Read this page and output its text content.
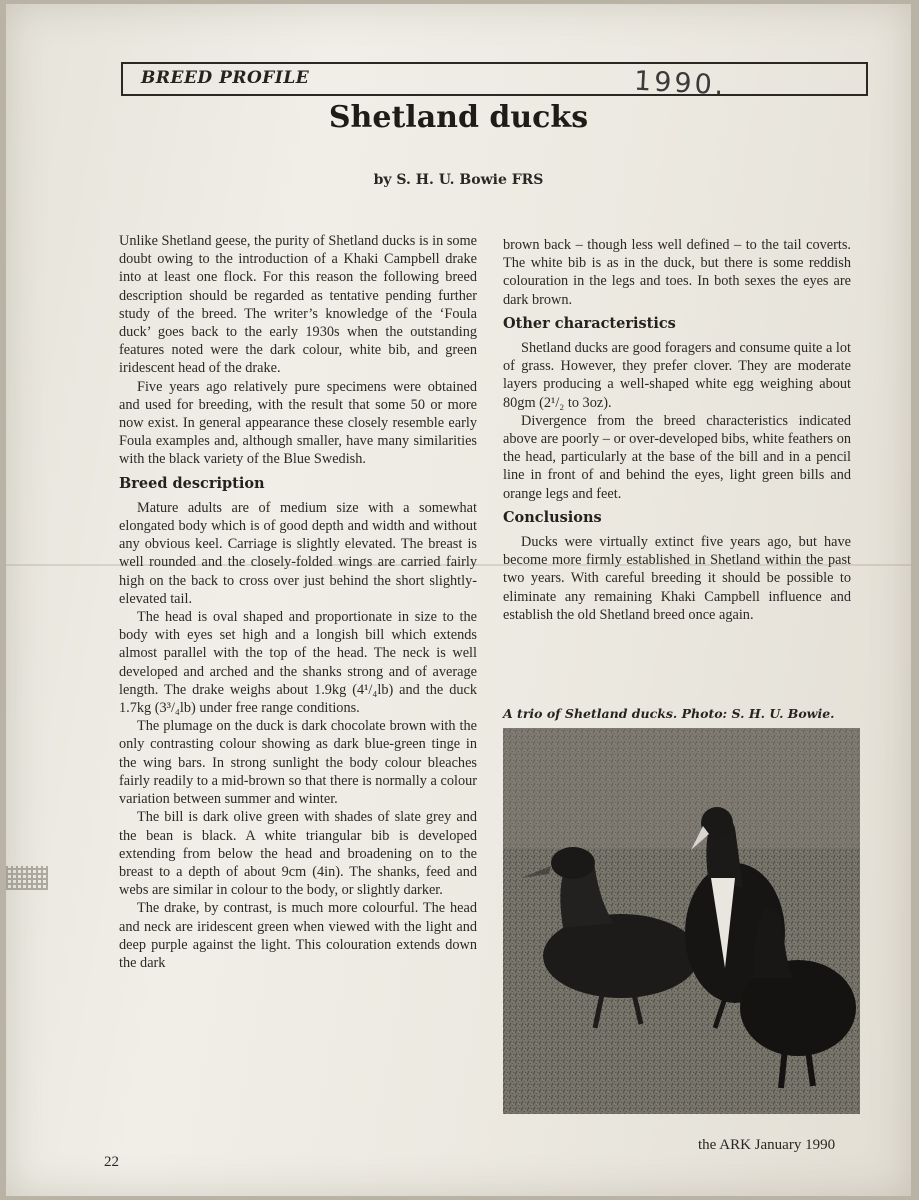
BREED PROFILE	1990.
Shetland ducks
by S. H. U. Bowie FRS

Unlike Shetland geese, the purity of Shetland ducks is in some doubt owing to the introduction of a Khaki Campbell drake into at least one flock. For this reason the following breed description should be regarded as tentative pending further study of the breed. The writer’s knowledge of the ‘Foula duck’ goes back to the early 1930s when the outstanding features noted were the dark colour, white bib, and green iridescent head of the drake.

Five years ago relatively pure specimens were obtained and used for breeding, with the result that some 50 or more now exist. In general appearance these closely resemble early Foula examples and, although smaller, have many similarities with the black variety of the Blue Swedish.

Breed description

Mature adults are of medium size with a somewhat elongated body which is of good depth and width and without any obvious keel. Carriage is slightly elevated. The breast is well rounded and the closely-folded wings are carried fairly high on the back to cross over just behind the short slightly-elevated tail.

The head is oval shaped and proportionate in size to the body with eyes set high and a longish bill which extends almost parallel with the top of the head. The neck is well developed and arched and the shanks strong and of average length. The drake weighs about 1.9kg (4¹/₄lb) and the duck 1.7kg (3³/₄lb) under free range conditions.

The plumage on the duck is dark chocolate brown with the only contrasting colour showing as dark blue-green tinge in the wing bars. In strong sunlight the body colour bleaches fairly readily to a mid-brown so that there is normally a colour variation between summer and winter.

The bill is dark olive green with shades of slate grey and the bean is black. A white triangular bib is developed extending from below the head and broadening on to the breast to a depth of about 9cm (4in). The shanks, feed and webs are similar in colour to the body, or slightly darker.

The drake, by contrast, is much more colourful. The head and neck are iridescent green when viewed with the light and deep purple against the light. This colouration extends down the dark

brown back – though less well defined – to the tail coverts. The white bib is as in the duck, but there is some reddish colouration in the legs and toes. In both sexes the eyes are dark brown.

Other characteristics

Shetland ducks are good foragers and consume quite a lot of grass. However, they prefer clover. They are moderate layers producing a well-shaped white egg weighing about 80gm (2¹/₂ to 3oz).

Divergence from the breed characteristics indicated above are poorly – or over-developed bibs, white feathers on the head, particularly at the base of the bill and in a pencil line in front of and behind the eyes, light green bills and orange legs and feet.

Conclusions

Ducks were virtually extinct five years ago, but have become more firmly established in Shetland within the past two years. With careful breeding it should be possible to eliminate any remaining Khaki Campbell influence and establish the old Shetland breed once again.

A trio of Shetland ducks. Photo: S. H. U. Bowie.
22
the ARK January 1990
